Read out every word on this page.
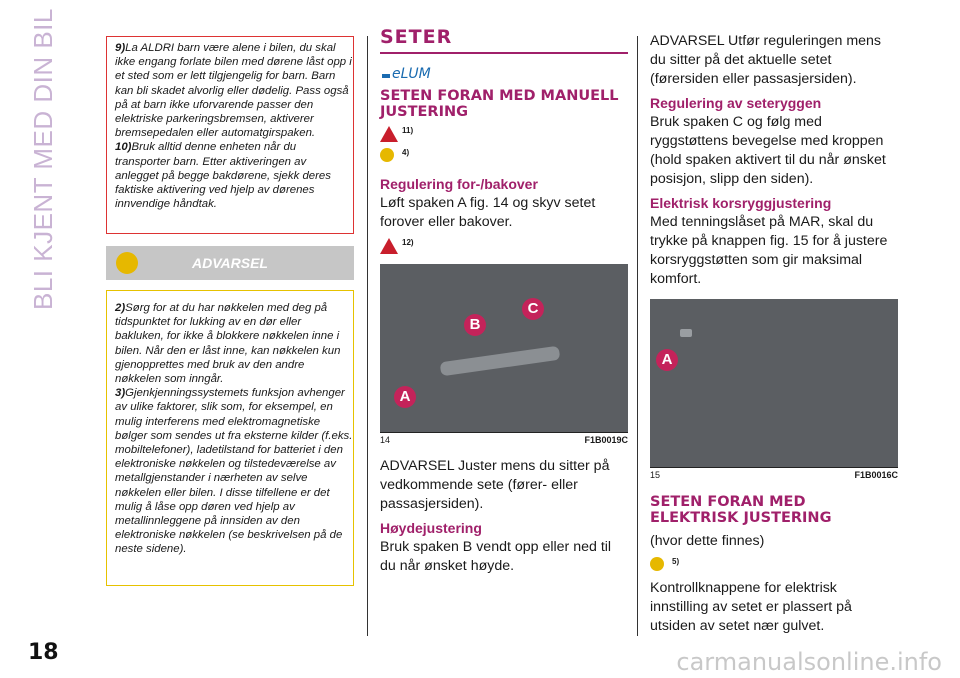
BLI KJENT MED DIN BIL	9)La ALDRI barn være alene i bilen, du skal ikke engang forlate bilen med dørene låst opp i et sted som er lett tilgjengelig for barn. Barn kan bli skadet alvorlig eller dødelig. Pass også på at barn ikke uforvarende passer den elektriske parkeringsbremsen, aktiverer bremsepedalen eller automatgirspaken.
10)Bruk alltid denne enheten når du transporter barn. Etter aktiveringen av anlegget på begge bakdørene, sjekk deres faktiske aktivering ved hjelp av dørenes innvendige håndtak.
ADVARSEL
2)Sørg for at du har nøkkelen med deg på tidspunktet for lukking av en dør eller bakluken, for ikke å blokkere nøkkelen inne i bilen. Når den er låst inne, kan nøkkelen kun gjenopprettes med bruk av den andre nøkkelen som inngår.
3)Gjenkjenningssystemets funksjon avhenger av ulike faktorer, slik som, for eksempel, en mulig interferens med elektromagnetiske bølger som sendes ut fra eksterne kilder (f.eks. mobiltelefoner), ladetilstand for batteriet i den elektroniske nøkkelen og tilstedeværelse av metallgjenstander i nærheten av selve nøkkelen eller bilen. I disse tilfellene er det mulig å låse opp døren ved hjelp av metallinnleggene på innsiden av den elektroniske nøkkelen (se beskrivelsen på de neste sidene).
SETER
eLUM
SETEN FORAN MED MANUELL JUSTERING
11)
4)
Regulering for-/bakover
Løft spaken A fig. 14 og skyv setet forover eller bakover.
12)
A
B
C
14	F1B0019C
ADVARSEL Juster mens du sitter på vedkommende sete (fører- eller passasjersiden).
Høydejustering
Bruk spaken B vendt opp eller ned til du når ønsket høyde.
ADVARSEL Utfør reguleringen mens du sitter på det aktuelle setet (førersiden eller passasjersiden).
Regulering av seteryggen
Bruk spaken C og følg med ryggstøttens bevegelse med kroppen (hold spaken aktivert til du når ønsket posisjon, slipp den siden).
Elektrisk korsryggjustering
Med tenningslåset på MAR, skal du trykke på knappen fig. 15 for å justere korsryggstøtten som gir maksimal komfort.
A
15	F1B0016C
SETEN FORAN MED ELEKTRISK JUSTERING
(hvor dette finnes)
5)
Kontrollknappene for elektrisk innstilling av setet er plassert på utsiden av setet nær gulvet.
18	carmanualsonline.info
